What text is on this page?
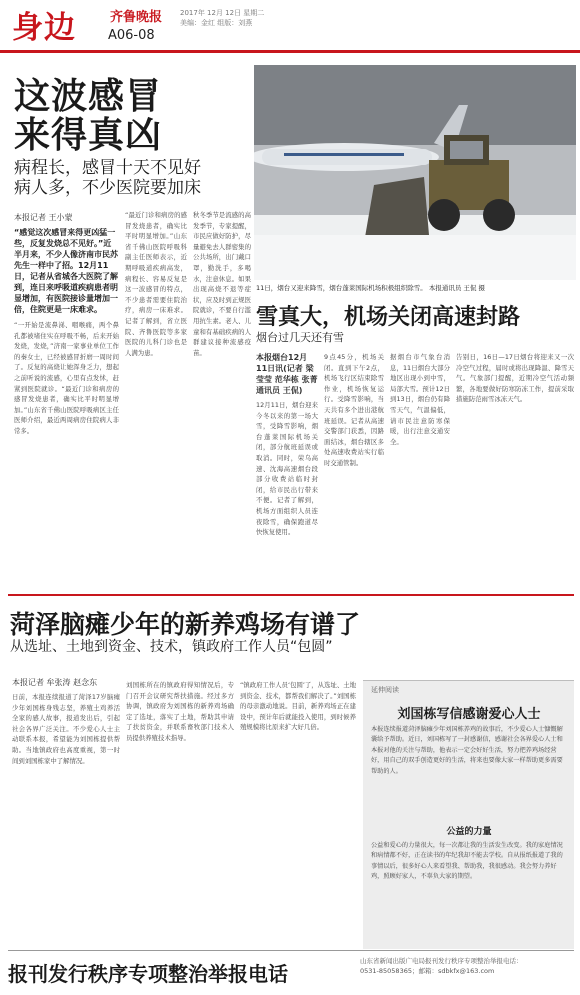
身边	齐鲁晚报
A06-08
2017年 12月 12日 星期二
美编：金红 组版：刘燕
这波感冒
来得真凶
病程长，感冒十天不见好
病人多，不少医院要加床
本报记者 王小蒙
“感觉这次感冒来得更凶猛一些，反复发烧总不见好。”近半月来，不少人像济南市民苏先生一样中了招。12月11日，记者从省城各大医院了解到，连日来呼吸道疾病患者明显增加，有医院接诊量增加一倍，住院更是一床难求。
“一开始是流鼻涕、咽喉痛，两个鼻孔都被堵住实在呼吸不畅，后来开始发烧，发烧，”济南一家事业单位工作的秦女士，已经被感冒折磨一周时间了。反复的高烧让她浑身乏力，想起之前听说的流感，心里有点发怵，赶紧到医院就诊。“最近门诊和病房的感冒发烧患者，确实比平时明显增加。”山东省千佛山医院呼吸病区主任医师介绍，最近两周病房住院病人非常多。
“最近门诊和病房的感冒发烧患者，确实比平时明显增加。”山东省千佛山医院呼吸科副主任医师表示，近期呼吸道疾病高发，病程长、容易反复是这一波感冒的特点，不少患者需要住院治疗，病房一床难求。记者了解到，省立医院、齐鲁医院等多家医院的儿科门诊也是人满为患。
秋冬季节是流感的高发季节，专家提醒，市民应做好防护，尽量避免去人群密集的公共场所，出门戴口罩，勤洗手，多喝水，注意休息。如果出现高烧不退等症状，应及时到正规医院就诊，不要自行滥用抗生素。老人、儿童和有基础疾病的人群建议接种流感疫苗。
11日，烟台又迎来降雪，烟台蓬莱国际机场积极组织除雪。 本报通讯员 王侃 摄
雪真大，机场关闭高速封路
烟台过几天还有雪
本报烟台12月11日讯(记者 梁莹莹 范华栋 张菁 通讯员 王侃)
12月11日，烟台迎来今冬以来的第一场大雪，受降雪影响，烟台蓬莱国际机场关闭，部分航班延误或取消。同时，荣乌高速、沈海高速烟台段部分收费站临时封闭，给市民出行带来不便。记者了解到，机场方面组织人员连夜除雪，确保跑道尽快恢复使用。
9点45分，机场关闭。直到下午2点，机场飞行区结束除雪作业，机场恢复运行。受降雪影响，当天共有多个进出港航班延误。记者从高速交警部门获悉，因路面结冰，烟台辖区多处高速收费站实行临时交通管制。
据烟台市气象台消息，11日烟台大部分地区出现小到中雪，局部大雪。预计12日到13日，烟台仍有降雪天气，气温偏低，请市民注意防寒保暖，出行注意交通安全。
告别日，16日—17日烟台将迎来又一次冷空气过程，届时或将出现降温、降雪天气。气象部门提醒，近期冷空气活动频繁，各地要做好防寒防冻工作，提前采取措施防范雨雪冰冻天气。
菏泽脑瘫少年的新养鸡场有谱了
从选址、土地到资金、技术，镇政府工作人员“包圆”
本报记者 牟张涛 赵念东
日前，本报连续报道了菏泽17岁脑瘫少年刘国栋身残志坚，养殖土鸡养活全家的感人故事，报道发出后，引起社会各界广泛关注。不少爱心人士主动联系本报，希望能为刘国栋提供帮助。当地镇政府也高度重视，第一时间到刘国栋家中了解情况。
刘国栋所在的镇政府得知情况后，专门召开会议研究帮扶措施。经过多方协调，镇政府为刘国栋的新养鸡场确定了选址，落实了土地，帮助其申请了扶贫资金，并联系畜牧部门技术人员提供养殖技术指导。
“镇政府工作人员‘包圆’了，从选址、土地到资金、技术，都帮我们解决了。”刘国栋的母亲激动地说。目前，新养鸡场正在建设中，预计年后就能投入使用，到时候养殖规模将比原来扩大好几倍。
延伸阅读
刘国栋写信感谢爱心人士
本报连续报道菏泽脑瘫少年刘国栋养鸡的故事后，不少爱心人士慷慨解囊给予帮助。近日，刘国栋写了一封感谢信，感谢社会各界爱心人士和本报对他的关注与帮助，他表示一定会好好生活，努力把养鸡场经营好，用自己的双手创造更好的生活，将来也要像大家一样帮助更多需要帮助的人。
公益的力量
公益和爱心的力量很大，每一次都让我的生活发生改变。我的家庭情况和病情都不好，正在读书的年纪我却不能去学校。自从报纸报道了我的事情以后，很多好心人来看望我、帮助我，我很感动。我会努力养好鸡，照顾好家人，不辜负大家的期望。
报刊发行秩序专项整治举报电话
山东省新闻出版广电局报刊发行秩序专项整治举报电话：
0531-85058365；邮箱：sdbkfx@163.com
